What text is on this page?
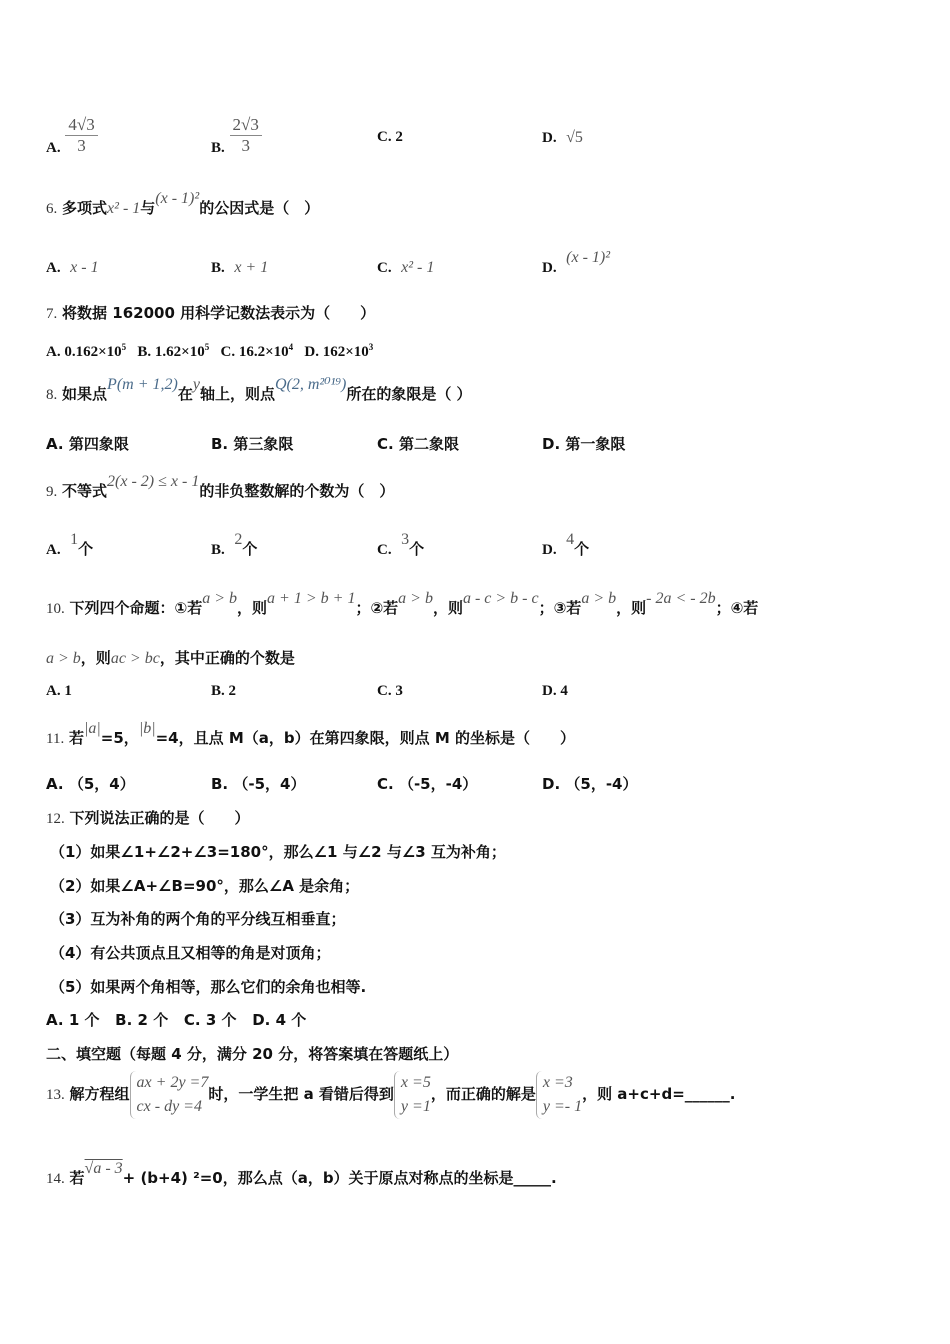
A. $\frac{4√3}{3}$	B. $\frac{2√3}{3}$	C. 2	D. √5
6. 多项式x² - 1与(x - 1)²的公因式是（　）
A. x - 1	B. x + 1	C. x² - 1	D.  (x - 1)²
7. 将数据 162000 用科学记数法表示为（　　）
A. $0.162\times 10^5$ B. $1.62\times 10^5$ C. $16.2\times 10^4$ D. $162\times 10^3$
8. 如果点P(m + 1,2)在y轴上，则点Q(2, m²⁰¹⁹)所在的象限是（ ）
A. 第四象限	B. 第三象限	C. 第二象限	D. 第一象限
9. 不等式2(x - 2) ≤ x - 1的非负整数解的个数为（　）
A.  1个	B.  2个	C.  3个	D.  4个
10. 下列四个命题：①若a > b，则a + 1 > b + 1；②若a > b，则a - c > b - c；③若a > b，则- 2a < - 2b；④若
a > b，则ac > bc，其中正确的个数是
A. 1	B. 2	C. 3	D. 4
11. 若|a|=5，|b|=4，且点 M（a，b）在第四象限，则点 M 的坐标是（　　）
A. （5，4）	B. （-5，4）	C. （-5，-4）	D. （5，-4）
12. 下列说法正确的是（　　）
（1）如果∠1+∠2+∠3=180°，那么∠1 与∠2 与∠3 互为补角；
（2）如果∠A+∠B=90°，那么∠A 是余角；
（3）互为补角的两个角的平分线互相垂直；
（4）有公共顶点且又相等的角是对顶角；
（5）如果两个角相等，那么它们的余角也相等.
A. 1 个 B. 2 个 C. 3 个 D. 4 个
二、填空题（每题 4 分，满分 20 分，将答案填在答题纸上）
13. 解方程组
ax + 2y =7
cx - dy =4
时，一学生把 a 看错后得到
x =5
y =1
，而正确的解是
x =3
y =- 1
，则 a+c+d=______.
14. 若√a - 3+ (b+4) ²=0，那么点（a，b）关于原点对称点的坐标是_____.
